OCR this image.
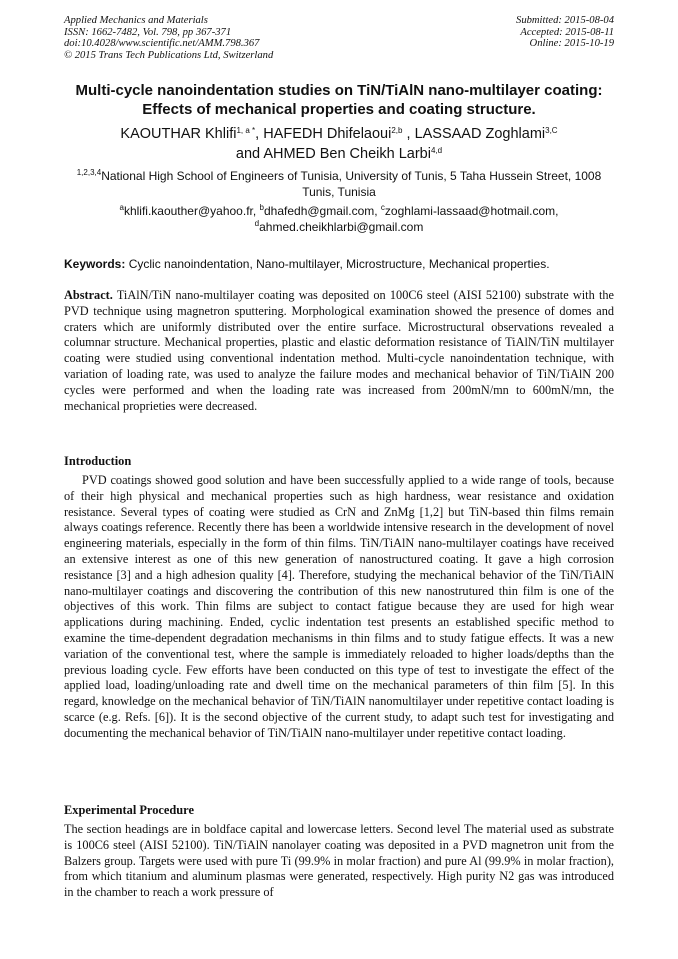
Applied Mechanics and Materials
ISSN: 1662-7482, Vol. 798, pp 367-371
doi:10.4028/www.scientific.net/AMM.798.367
© 2015 Trans Tech Publications Ltd, Switzerland
Submitted: 2015-08-04
Accepted: 2015-08-11
Online: 2015-10-19
Multi-cycle nanoindentation studies on TiN/TiAlN nano-multilayer coating: Effects of mechanical properties and coating structure.
KAOUTHAR Khlifi$^{1, a *}$, HAFEDH Dhifelaoui$^{2,b}$ , LASSAAD Zoghlami$^{3,C}$
and AHMED Ben Cheikh Larbi$^{4,d}$
$^{1,2,3,4}$National High School of Engineers of Tunisia, University of Tunis, 5 Taha Hussein Street, 1008 Tunis, Tunisia
$^a$khlifi.kaouther@yahoo.fr, $^b$dhafedh@gmail.com, $^c$zoghlami-lassaad@hotmail.com,
$^d$ahmed.cheikhlarbi@gmail.com
Keywords: Cyclic nanoindentation, Nano-multilayer, Microstructure, Mechanical properties.
Abstract. TiAlN/TiN nano-multilayer coating was deposited on 100C6 steel (AISI 52100) substrate with the PVD technique using magnetron sputtering. Morphological examination showed the presence of domes and craters which are uniformly distributed over the entire surface. Microstructural observations revealed a columnar structure. Mechanical properties, plastic and elastic deformation resistance of TiAlN/TiN multilayer coating were studied using conventional indentation method. Multi-cycle nanoindentation technique, with variation of loading rate, was used to analyze the failure modes and mechanical behavior of TiN/TiAlN 200 cycles were performed and when the loading rate was increased from 200mN/mn to 600mN/mn, the mechanical proprieties were decreased.
Introduction
PVD coatings showed good solution and have been successfully applied to a wide range of tools, because of their high physical and mechanical properties such as high hardness, wear resistance and oxidation resistance. Several types of coating were studied as CrN and ZnMg [1,2] but TiN-based thin films remain always coatings reference. Recently there has been a worldwide intensive research in the development of novel engineering materials, especially in the form of thin films. TiN/TiAlN nano-multilayer coatings have received an extensive interest as one of this new generation of nanostructured coating. It gave a high corrosion resistance [3] and a high adhesion quality [4]. Therefore, studying the mechanical behavior of the TiN/TiAlN nano-multilayer coatings and discovering the contribution of this new nanostrutured thin film is one of the objectives of this work. Thin films are subject to contact fatigue because they are used for high wear applications during machining. Ended, cyclic indentation test presents an established specific method to examine the time-dependent degradation mechanisms in thin films and to study fatigue effects. It was a new variation of the conventional test, where the sample is immediately reloaded to higher loads/depths than the previous loading cycle. Few efforts have been conducted on this type of test to investigate the effect of the applied load, loading/unloading rate and dwell time on the mechanical parameters of thin film [5]. In this regard, knowledge on the mechanical behavior of TiN/TiAlN nanomultilayer under repetitive contact loading is scarce (e.g. Refs. [6]). It is the second objective of the current study, to adapt such test for investigating and documenting the mechanical behavior of TiN/TiAlN nano-multilayer under repetitive contact loading.
Experimental Procedure
The section headings are in boldface capital and lowercase letters. Second level The material used as substrate is 100C6 steel (AISI 52100). TiN/TiAlN nanolayer coating was deposited in a PVD magnetron unit from the Balzers group. Targets were used with pure Ti (99.9% in molar fraction) and pure Al (99.9% in molar fraction), from which titanium and aluminum plasmas were generated, respectively. High purity N2 gas was introduced in the chamber to reach a work pressure of
